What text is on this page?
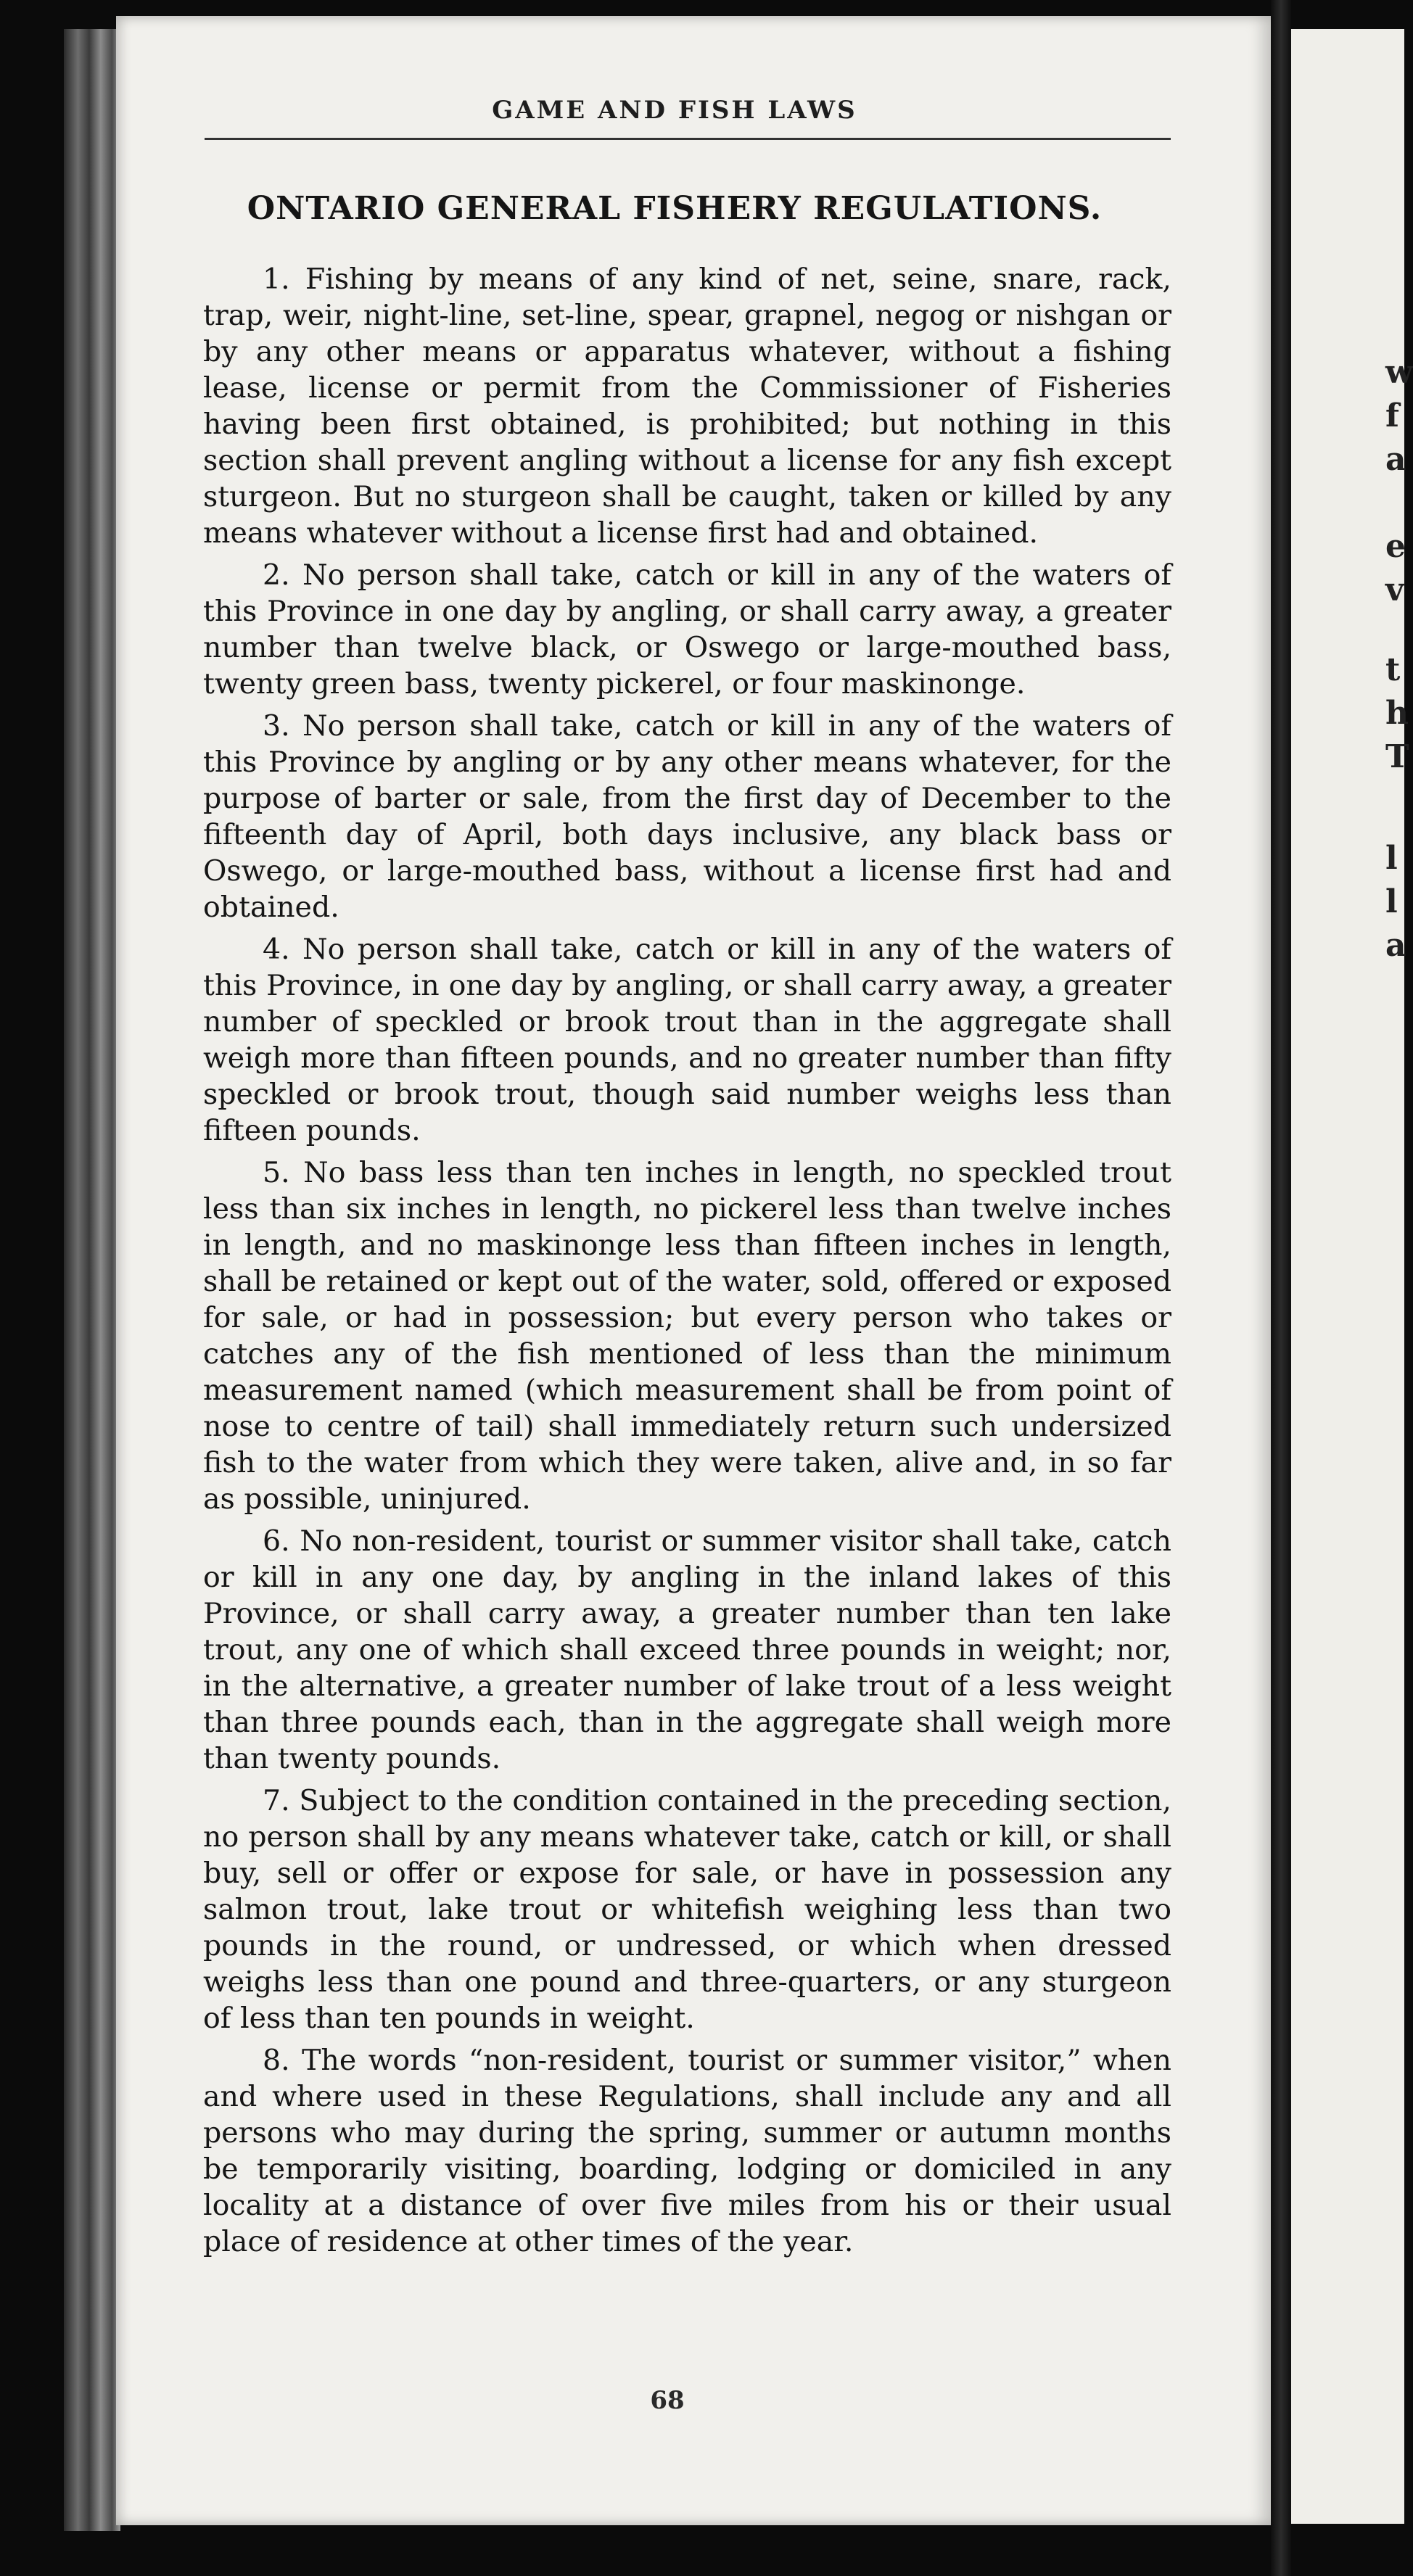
GAME AND FISH LAWS
ONTARIO GENERAL FISHERY REGULATIONS.

1. Fishing by means of any kind of net, seine, snare, rack, trap, weir, night-line, set-line, spear, grapnel, negog or nishgan or by any other means or apparatus whatever, without a fishing lease, license or permit from the Commissioner of Fisheries having been first obtained, is prohibited; but nothing in this section shall prevent angling without a license for any fish except sturgeon. But no sturgeon shall be caught, taken or killed by any means whatever without a license first had and obtained.

2. No person shall take, catch or kill in any of the waters of this Province in one day by angling, or shall carry away, a greater number than twelve black, or Oswego or large-mouthed bass, twenty green bass, twenty pickerel, or four maskinonge.

3. No person shall take, catch or kill in any of the waters of this Province by angling or by any other means whatever, for the purpose of barter or sale, from the first day of December to the fifteenth day of April, both days inclusive, any black bass or Oswego, or large-mouthed bass, without a license first had and obtained.

4. No person shall take, catch or kill in any of the waters of this Province, in one day by angling, or shall carry away, a greater number of speckled or brook trout than in the aggregate shall weigh more than fifteen pounds, and no greater number than fifty speckled or brook trout, though said number weighs less than fifteen pounds.

5. No bass less than ten inches in length, no speckled trout less than six inches in length, no pickerel less than twelve inches in length, and no maskinonge less than fifteen inches in length, shall be retained or kept out of the water, sold, offered or exposed for sale, or had in possession; but every person who takes or catches any of the fish mentioned of less than the minimum measurement named (which measurement shall be from point of nose to centre of tail) shall immediately return such undersized fish to the water from which they were taken, alive and, in so far as possible, uninjured.

6. No non-resident, tourist or summer visitor shall take, catch or kill in any one day, by angling in the inland lakes of this Province, or shall carry away, a greater number than ten lake trout, any one of which shall exceed three pounds in weight; nor, in the alternative, a greater number of lake trout of a less weight than three pounds each, than in the aggregate shall weigh more than twenty pounds.

7. Subject to the condition contained in the preceding section, no person shall by any means whatever take, catch or kill, or shall buy, sell or offer or expose for sale, or have in possession any salmon trout, lake trout or whitefish weighing less than two pounds in the round, or undressed, or which when dressed weighs less than one pound and three-quarters, or any sturgeon of less than ten pounds in weight.

8. The words “non-resident, tourist or summer visitor,” when and where used in these Regulations, shall include any and all persons who may during the spring, summer or autumn months be temporarily visiting, boarding, lodging or domiciled in any locality at a distance of over five miles from his or their usual place of residence at other times of the year.

68
w
f
a
e
v
t
h
T
l
l
a
